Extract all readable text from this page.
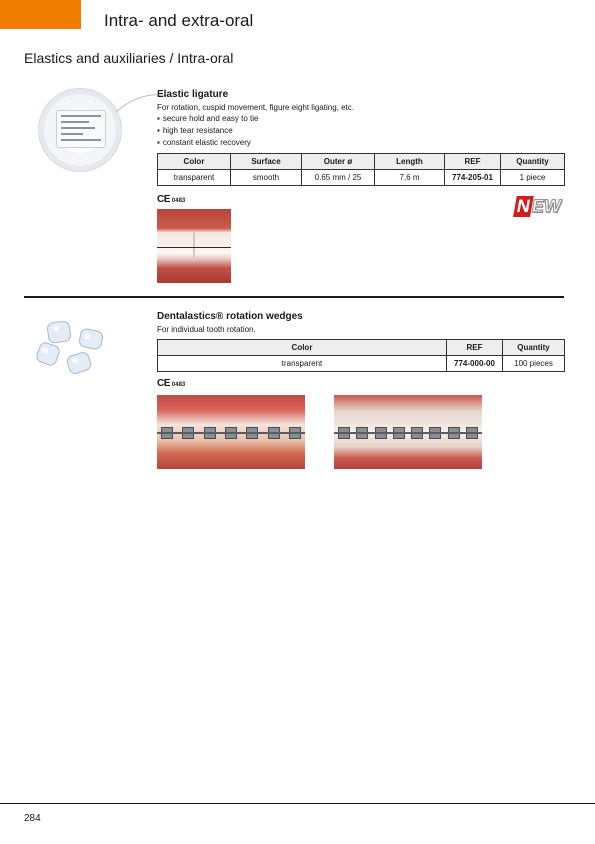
Intra- and extra-oral
Elastics and auxiliaries / Intra-oral
Elastic ligature
For rotation, cuspid movement, figure eight ligating, etc.
▪ secure hold and easy to tie
▪ high tear resistance
▪ constant elastic recovery
Color	Surface	Outer ø	Length	REF	Quantity
transparent	smooth	0.65 mm / 25	7,6 m	774-205-01	1 piece
CE 0483	N
EW
Dentalastics® rotation wedges
For individual tooth rotation.
Color	REF	Quantity
transparent	774-000-00	100 pieces
CE 0483
284
